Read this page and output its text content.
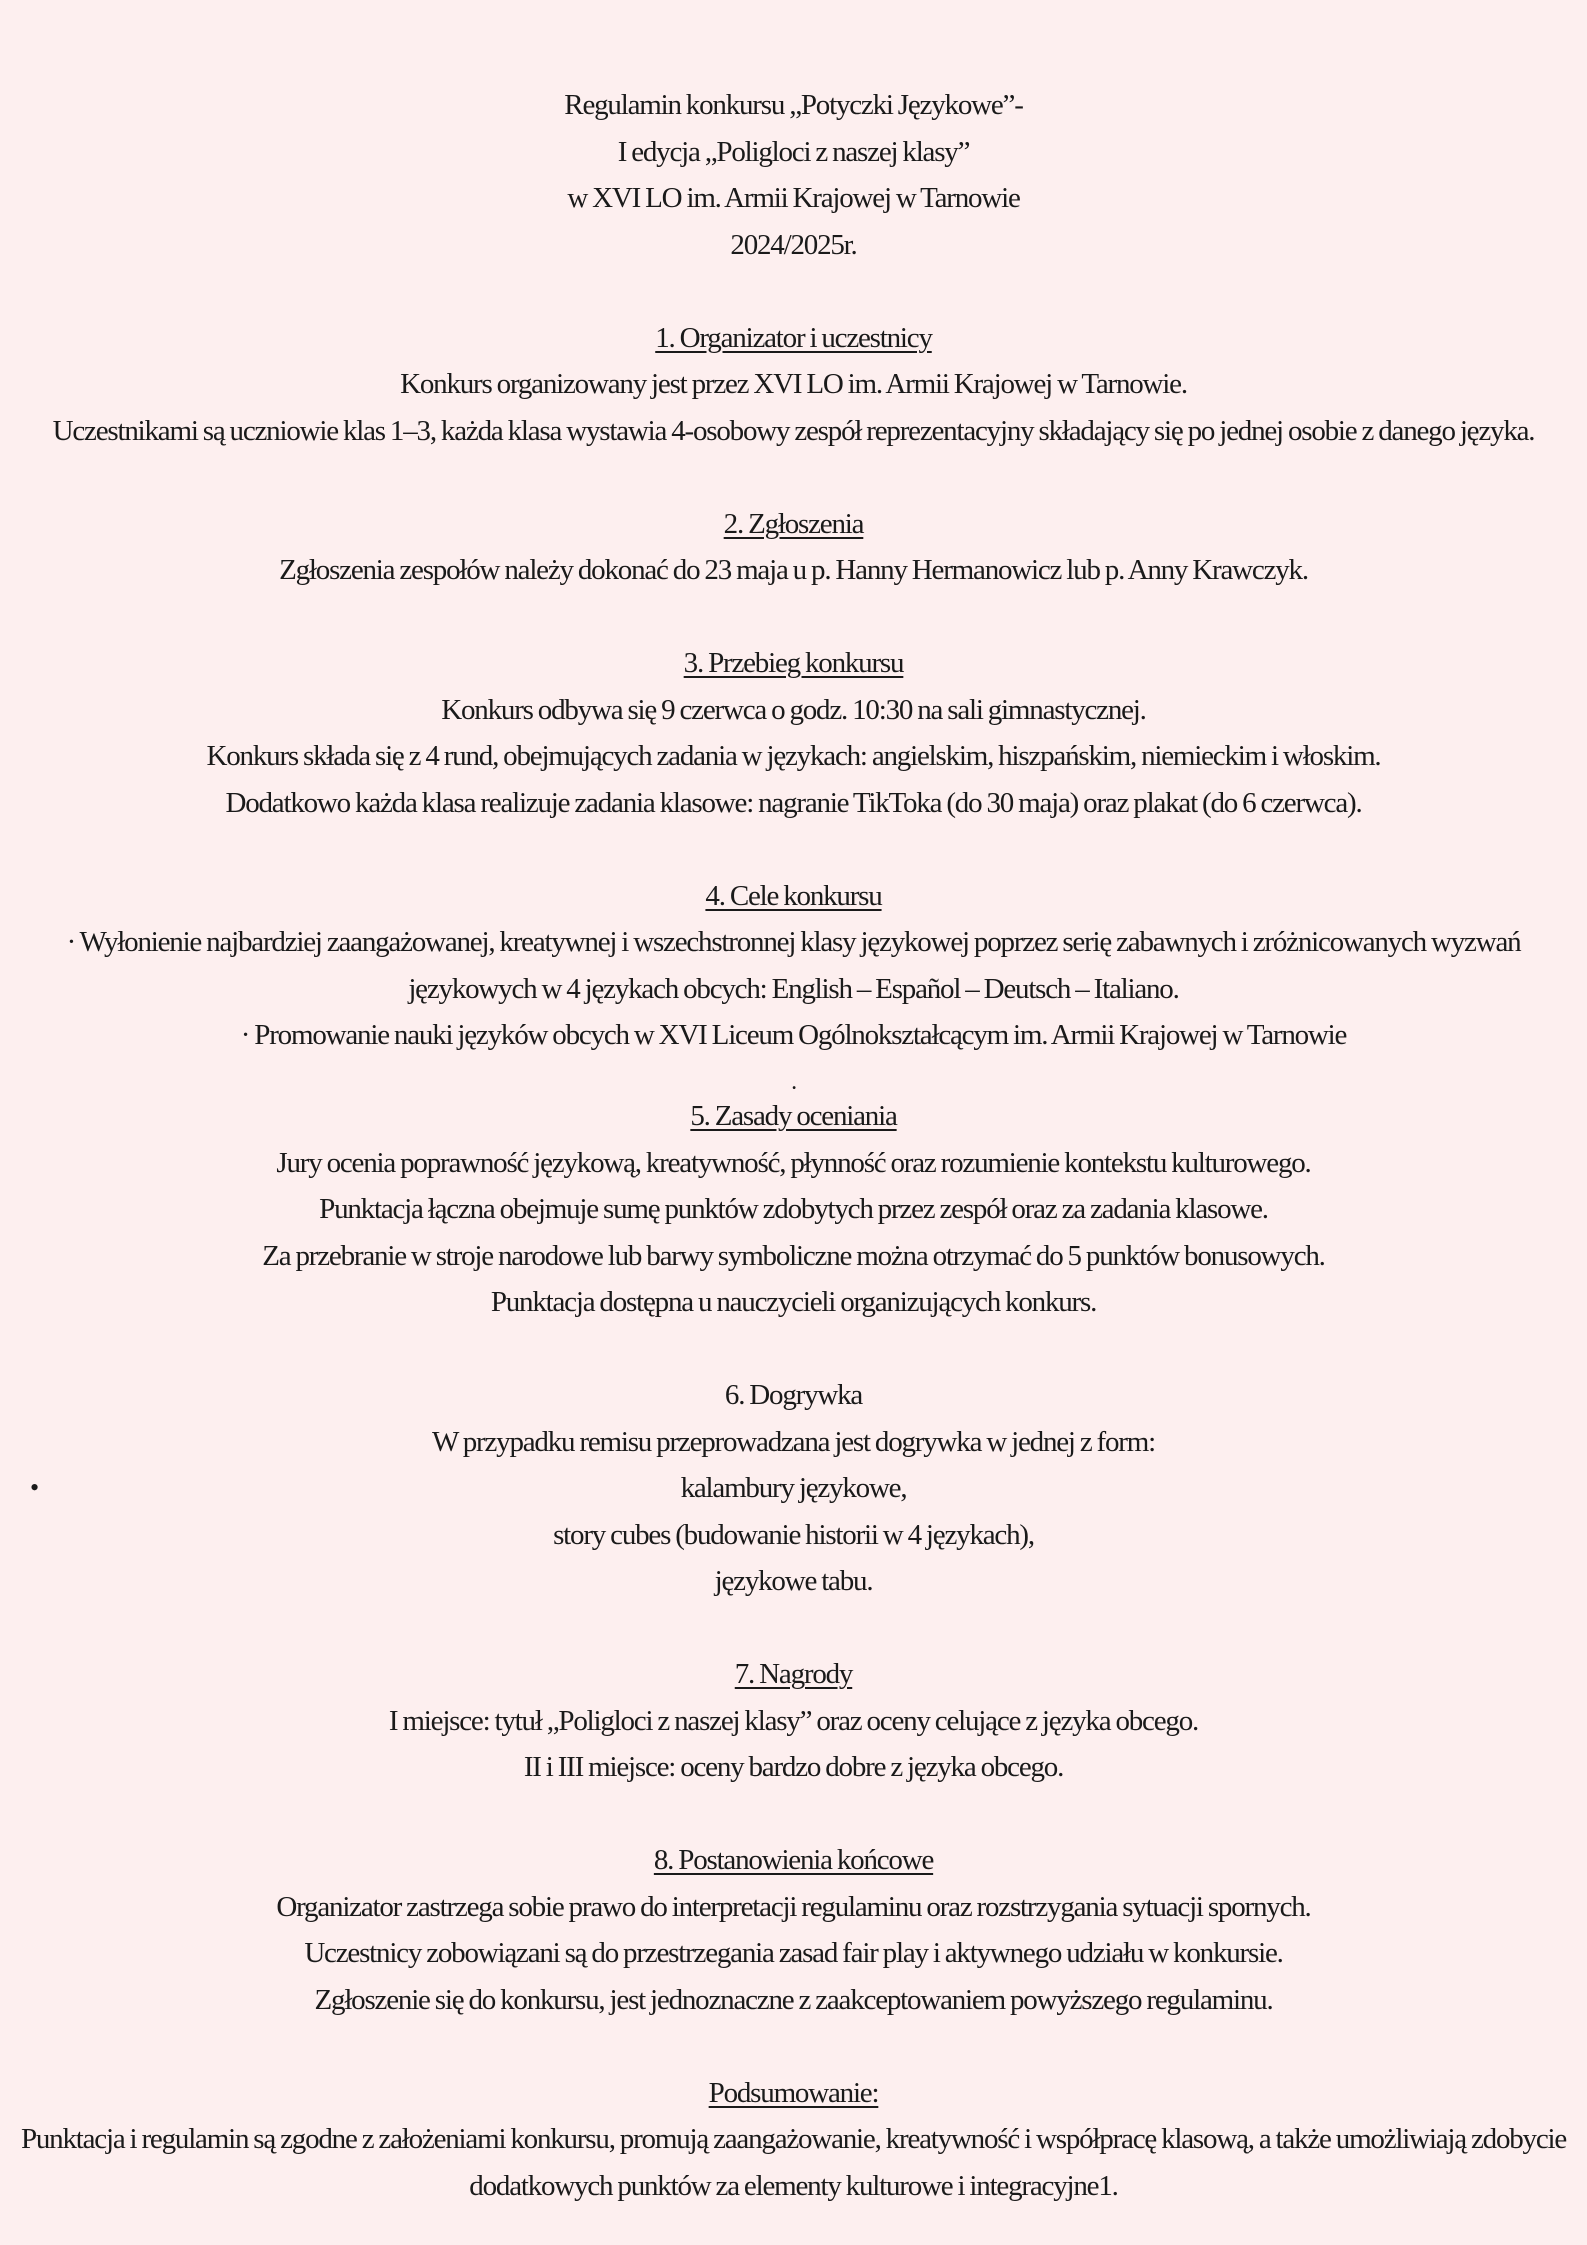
Regulamin konkursu „Potyczki Językowe”-
I edycja „Poligloci z naszej klasy”
w XVI LO im. Armii Krajowej w Tarnowie
2024/2025r.
1. Organizator i uczestnicy
Konkurs organizowany jest przez XVI LO im. Armii Krajowej w Tarnowie.
Uczestnikami są uczniowie klas 1–3, każda klasa wystawia 4-osobowy zespół reprezentacyjny składający się po jednej osobie z danego języka.
2. Zgłoszenia
Zgłoszenia zespołów należy dokonać do 23 maja u p. Hanny Hermanowicz lub p. Anny Krawczyk.
3. Przebieg konkursu
Konkurs odbywa się 9 czerwca o godz. 10:30 na sali gimnastycznej.
Konkurs składa się z 4 rund, obejmujących zadania w językach: angielskim, hiszpańskim, niemieckim i włoskim.
Dodatkowo każda klasa realizuje zadania klasowe: nagranie TikToka (do 30 maja) oraz plakat (do 6 czerwca).
4. Cele konkursu
· Wyłonienie najbardziej zaangażowanej, kreatywnej i wszechstronnej klasy językowej poprzez serię zabawnych i zróżnicowanych wyzwań językowych w 4 językach obcych: English – Español – Deutsch – Italiano.
· Promowanie nauki języków obcych w XVI Liceum Ogólnokształcącym im. Armii Krajowej w Tarnowie
.
5. Zasady oceniania
Jury ocenia poprawność językową, kreatywność, płynność oraz rozumienie kontekstu kulturowego.
Punktacja łączna obejmuje sumę punktów zdobytych przez zespół oraz za zadania klasowe.
Za przebranie w stroje narodowe lub barwy symboliczne można otrzymać do 5 punktów bonusowych.
Punktacja dostępna u nauczycieli organizujących konkurs.
6. Dogrywka
W przypadku remisu przeprowadzana jest dogrywka w jednej z form:
•	kalambury językowe,
story cubes (budowanie historii w 4 językach),
językowe tabu.
7. Nagrody
I miejsce: tytuł „Poligloci z naszej klasy” oraz oceny celujące z języka obcego.
II i III miejsce: oceny bardzo dobre z języka obcego.
8. Postanowienia końcowe
Organizator zastrzega sobie prawo do interpretacji regulaminu oraz rozstrzygania sytuacji spornych.
Uczestnicy zobowiązani są do przestrzegania zasad fair play i aktywnego udziału w konkursie.
Zgłoszenie się do konkursu, jest jednoznaczne z zaakceptowaniem powyższego regulaminu.
Podsumowanie:
Punktacja i regulamin są zgodne z założeniami konkursu, promują zaangażowanie, kreatywność i współpracę klasową, a także umożliwiają zdobycie dodatkowych punktów za elementy kulturowe i integracyjne1.
